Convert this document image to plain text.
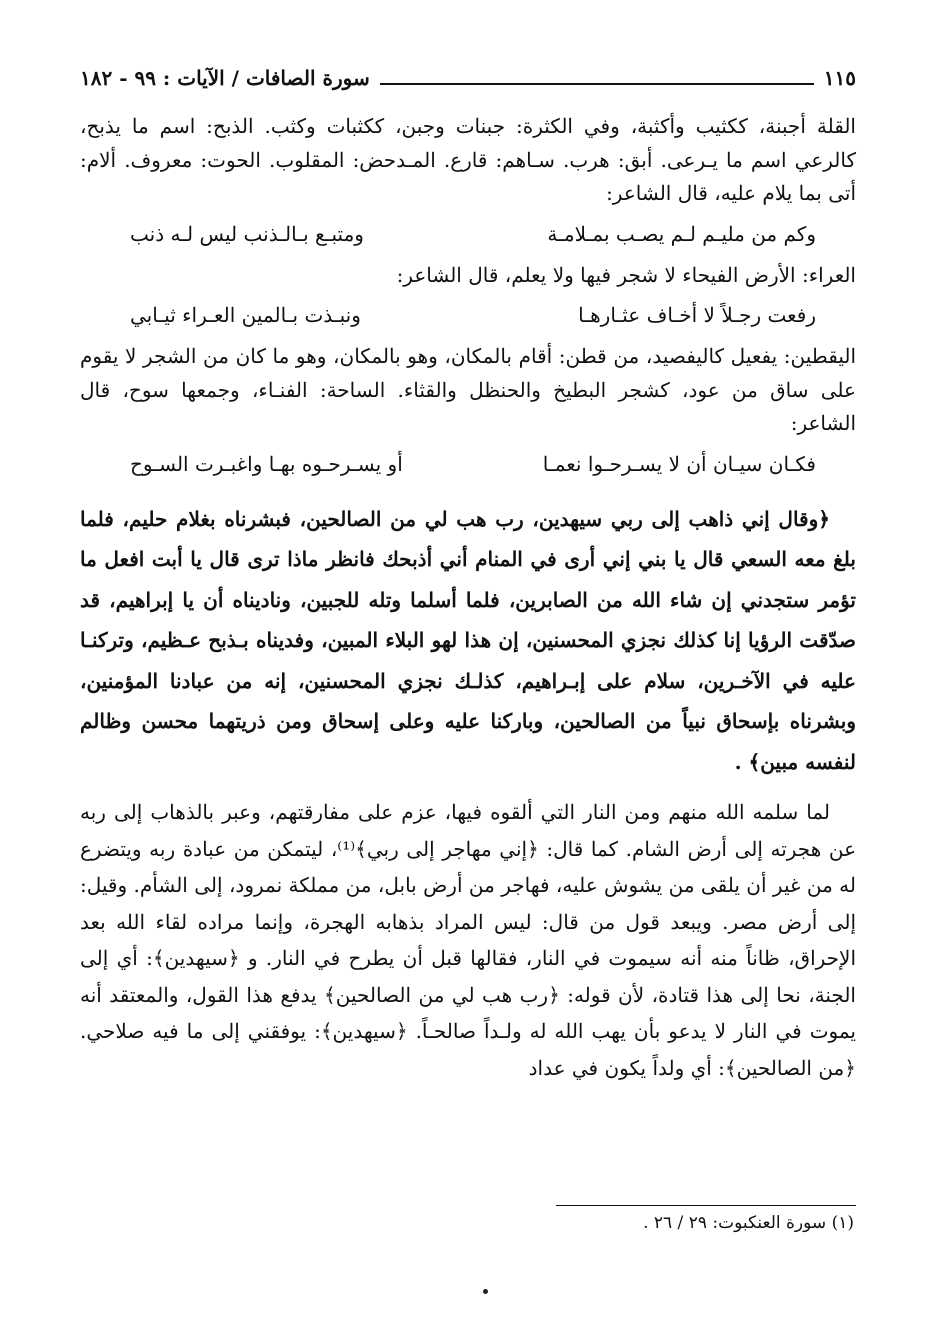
سورة الصافات / الآيات : ٩٩ - ١٨٢	١١٥

القلة أجبنة، ككثيب وأكثبة، وفي الكثرة: جبنات وجبن، ككثبات وكثب. الذبح: اسم ما يذبح، كالرعي اسم ما يـرعى. أبق: هرب. سـاهم: قارع. المـدحض: المقلوب. الحوت: معروف. ألام: أتى بما يلام عليه، قال الشاعر:

وكم من مليـم لـم يصـب بمـلامـة
ومتبـع بـالـذنب ليس لـه ذنب

العراء: الأرض الفيحاء لا شجر فيها ولا يعلم، قال الشاعر:

رفعت رجـلاً لا أخـاف عثـارهـا
ونبـذت بـالمين العـراء ثيـابي

اليقطين: يفعيل كاليفصيد، من قطن: أقام بالمكان، وهو بالمكان، وهو ما كان من الشجر لا يقوم على ساق من عود، كشجر البطيخ والحنظل والقثاء. الساحة: الفنـاء، وجمعها سوح، قال الشاعر:

فكـان سيـان أن لا يسـرحـوا نعمـا
أو يسـرحـوه بهـا واغبـرت السـوح

﴿وقال إني ذاهب إلى ربي سيهدين، رب هب لي من الصالحين، فبشرناه بغلام حليم، فلما بلغ معه السعي قال يا بني إني أرى في المنام أني أذبحك فانظر ماذا ترى قال يا أبت افعل ما تؤمر ستجدني إن شاء الله من الصابرين، فلما أسلما وتله للجبين، وناديناه أن يا إبراهيم، قد صدّقت الرؤيا إنا كذلك نجزي المحسنين، إن هذا لهو البلاء المبين، وفديناه بـذبح عـظيم، وتركنـا عليه في الآخـرين، سلام على إبـراهيم، كذلـك نجزي المحسنين، إنه من عبادنا المؤمنين، وبشرناه بإسحاق نبياً من الصالحين، وباركنا عليه وعلى إسحاق ومن ذريتهما محسن وظالم لنفسه مبين﴾ .

لما سلمه الله منهم ومن النار التي ألقوه فيها، عزم على مفارقتهم، وعبر بالذهاب إلى ربه عن هجرته إلى أرض الشام. كما قال: ﴿إني مهاجر إلى ربي﴾⁽¹⁾، ليتمكن من عبادة ربه ويتضرع له من غير أن يلقى من يشوش عليه، فهاجر من أرض بابل، من مملكة نمرود، إلى الشأم. وقيل: إلى أرض مصر. ويبعد قول من قال: ليس المراد بذهابه الهجرة، وإنما مراده لقاء الله بعد الإحراق، ظاناً منه أنه سيموت في النار، فقالها قبل أن يطرح في النار. و ﴿سيهدين﴾: أي إلى الجنة، نحا إلى هذا قتادة، لأن قوله: ﴿رب هب لي من الصالحين﴾ يدفع هذا القول، والمعتقد أنه يموت في النار لا يدعو بأن يهب الله له ولـداً صالحـاً. ﴿سيهدين﴾: يوفقني إلى ما فيه صلاحي. ﴿من الصالحين﴾: أي ولداً يكون في عداد

(١) سورة العنكبوت: ٢٩ / ٢٦ .
